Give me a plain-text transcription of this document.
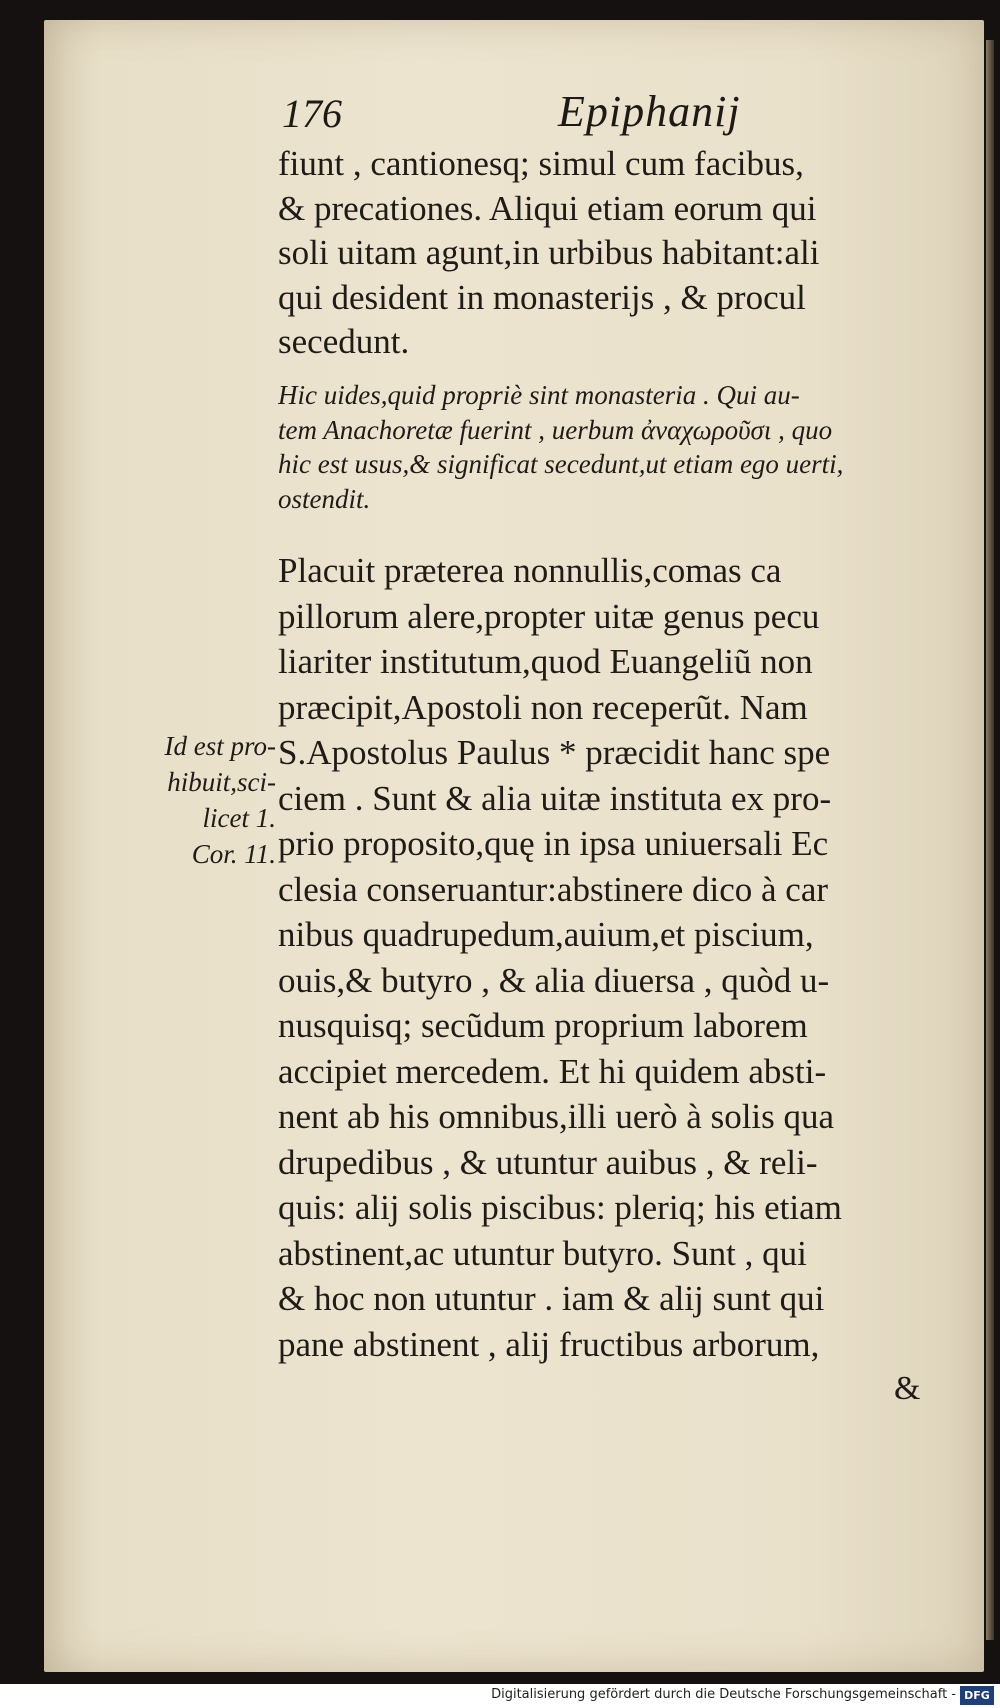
176	Epiphanij
fiunt , cantionesq; simul cum facibus,
& precationes. Aliqui etiam eorum qui
soli uitam agunt,in urbibus habitant:ali
qui desident in monasterijs , & procul
secedunt.
Hic uides,quid propriè sint monasteria . Qui au-
tem Anachoretæ fuerint , uerbum ἀναχωροῦσι , quo
hic est usus,& significat secedunt,ut etiam ego uerti,
ostendit.
Placuit præterea nonnullis,comas ca
pillorum alere,propter uitæ genus pecu
liariter institutum,quod Euangeliũ non
præcipit,Apostoli non receperũt. Nam
S.Apostolus Paulus * præcidit hanc spe
ciem . Sunt & alia uitæ instituta ex pro-
prio proposito,quę in ipsa uniuersali Ec
clesia conseruantur:abstinere dico à car
nibus quadrupedum,auium,et piscium,
ouis,& butyro , & alia diuersa , quòd u-
nusquisq; secũdum proprium laborem
accipiet mercedem. Et hi quidem absti-
nent ab his omnibus,illi uerò à solis qua
drupedibus , & utuntur auibus , & reli-
quis: alij solis piscibus: pleriq; his etiam
abstinent,ac utuntur butyro. Sunt , qui
& hoc non utuntur . iam & alij sunt qui
pane abstinent , alij fructibus arborum,
Id est pro-
hibuit,sci-
licet 1.
Cor. 11.
&
Digitalisierung gefördert durch die Deutsche Forschungsgemeinschaft - DFG
